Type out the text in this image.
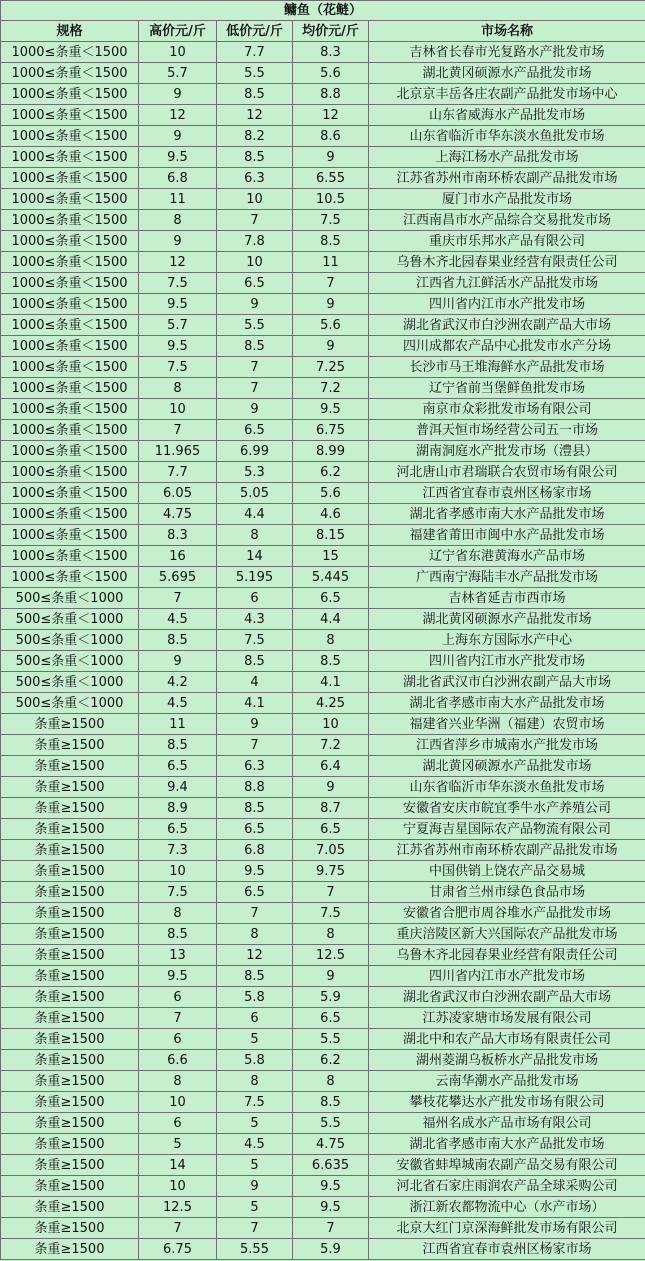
鳙鱼（花鲢）				
规格	高价元/斤	低价元/斤	均价元/斤	市场名称
1000≤条重＜1500	10	7.7	8.3	吉林省长春市光复路水产批发市场
1000≤条重＜1500	5.7	5.5	5.6	湖北黄冈硕源水产品批发市场
1000≤条重＜1500	9	8.5	8.8	北京京丰岳各庄农副产品批发市场中心
1000≤条重＜1500	12	12	12	山东省威海水产品批发市场
1000≤条重＜1500	9	8.2	8.6	山东省临沂市华东淡水鱼批发市场
1000≤条重＜1500	9.5	8.5	9	上海江杨水产品批发市场
1000≤条重＜1500	6.8	6.3	6.55	江苏省苏州市南环桥农副产品批发市场
1000≤条重＜1500	11	10	10.5	厦门市水产品批发市场
1000≤条重＜1500	8	7	7.5	江西南昌市水产品综合交易批发市场
1000≤条重＜1500	9	7.8	8.5	重庆市乐邦水产品有限公司
1000≤条重＜1500	12	10	11	乌鲁木齐北园春果业经营有限责任公司
1000≤条重＜1500	7.5	6.5	7	江西省九江鲜活水产品批发市场
1000≤条重＜1500	9.5	9	9	四川省内江市水产批发市场
1000≤条重＜1500	5.7	5.5	5.6	湖北省武汉市白沙洲农副产品大市场
1000≤条重＜1500	9.5	8.5	9	四川成都农产品中心批发市水产分场
1000≤条重＜1500	7.5	7	7.25	长沙市马王堆海鲜水产品批发市场
1000≤条重＜1500	8	7	7.2	辽宁省前当堡鲜鱼批发市场
1000≤条重＜1500	10	9	9.5	南京市众彩批发市场有限公司
1000≤条重＜1500	7	6.5	6.75	普洱天恒市场经营公司五一市场
1000≤条重＜1500	11.965	6.99	8.99	湖南洞庭水产批发市场（澧县）
1000≤条重＜1500	7.7	5.3	6.2	河北唐山市君瑞联合农贸市场有限公司
1000≤条重＜1500	6.05	5.05	5.6	江西省宜春市袁州区杨家市场
1000≤条重＜1500	4.75	4.4	4.6	湖北省孝感市南大水产品批发市场
1000≤条重＜1500	8.3	8	8.15	福建省莆田市闽中水产品批发市场
1000≤条重＜1500	16	14	15	辽宁省东港黄海水产品市场
1000≤条重＜1500	5.695	5.195	5.445	广西南宁海陆丰水产品批发市场
500≤条重＜1000	7	6	6.5	吉林省延吉市西市场
500≤条重＜1000	4.5	4.3	4.4	湖北黄冈硕源水产品批发市场
500≤条重＜1000	8.5	7.5	8	上海东方国际水产中心
500≤条重＜1000	9	8.5	8.5	四川省内江市水产批发市场
500≤条重＜1000	4.2	4	4.1	湖北省武汉市白沙洲农副产品大市场
500≤条重＜1000	4.5	4.1	4.25	湖北省孝感市南大水产品批发市场
条重≥1500	11	9	10	福建省兴业华洲（福建）农贸市场
条重≥1500	8.5	7	7.2	江西省萍乡市城南水产批发市场
条重≥1500	6.5	6.3	6.4	湖北黄冈硕源水产品批发市场
条重≥1500	9.4	8.8	9	山东省临沂市华东淡水鱼批发市场
条重≥1500	8.9	8.5	8.7	安徽省安庆市皖宜季牛水产养殖公司
条重≥1500	6.5	6.5	6.5	宁夏海吉星国际农产品物流有限公司
条重≥1500	7.3	6.8	7.05	江苏省苏州市南环桥农副产品批发市场
条重≥1500	10	9.5	9.75	中国供销上饶农产品交易城
条重≥1500	7.5	6.5	7	甘肃省兰州市绿色食品市场
条重≥1500	8	7	7.5	安徽省合肥市周谷堆水产品批发市场
条重≥1500	8.5	8	8	重庆涪陵区新大兴国际农产品批发市场
条重≥1500	13	12	12.5	乌鲁木齐北园春果业经营有限责任公司
条重≥1500	9.5	8.5	9	四川省内江市水产批发市场
条重≥1500	6	5.8	5.9	湖北省武汉市白沙洲农副产品大市场
条重≥1500	7	6	6.5	江苏凌家塘市场发展有限公司
条重≥1500	6	5	5.5	湖北中和农产品大市场有限责任公司
条重≥1500	6.6	5.8	6.2	湖州菱湖乌板桥水产品批发市场
条重≥1500	8	8	8	云南华潮水产品批发市场
条重≥1500	10	7.5	8.5	攀枝花攀达水产批发市场有限公司
条重≥1500	6	5	5.5	福州名成水产品市场有限公司
条重≥1500	5	4.5	4.75	湖北省孝感市南大水产品批发市场
条重≥1500	14	5	6.635	安徽省蚌埠城南农副产品交易有限公司
条重≥1500	10	9	9.5	河北省石家庄雨润农产品全球采购公司
条重≥1500	12.5	5	9.5	浙江新农都物流中心（水产市场）
条重≥1500	7	7	7	北京大红门京深海鲜批发市场有限公司
条重≥1500	6.75	5.55	5.9	江西省宜春市袁州区杨家市场
